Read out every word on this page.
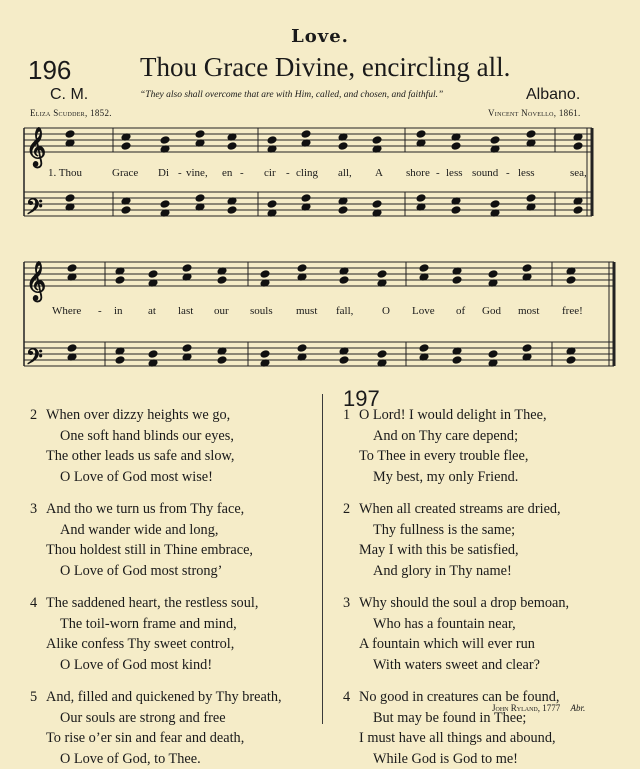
Love.
196	Thou Grace Divine, encircling all.
C. M.	“They also shall overcome that are with Him, called, and chosen, and faithful.”	Albano.
Eliza Scudder, 1852.	Vincent Novello, 1861.
𝄞
𝄢
𝄞
𝄢
1. Thou	Grace Di - vine, en - cir - cling all, A shore - less sound - less	sea,
Where - in at last our souls must fall,	O Love of God most free!
2 When over dizzy heights we go,
One soft hand blinds our eyes,
The other leads us safe and slow,
O Love of God most wise!
3 And tho we turn us from Thy face,
And wander wide and long,
Thou holdest still in Thine embrace,
O Love of God most strong’
4 The saddened heart, the restless soul,
The toil-worn frame and mind,
Alike confess Thy sweet control,
O Love of God most kind!
5 And, filled and quickened by Thy breath,
Our souls are strong and free
To rise o’er sin and fear and death,
O Love of God, to Thee.
197
1 O Lord! I would delight in Thee,
And on Thy care depend;
To Thee in every trouble flee,
My best, my only Friend.
2 When all created streams are dried,
Thy fullness is the same;
May I with this be satisfied,
And glory in Thy name!
3 Why should the soul a drop bemoan,
Who has a fountain near,
A fountain which will ever run
With waters sweet and clear?
4 No good in creatures can be found,
But may be found in Thee;
I must have all things and abound,
While God is God to me!
John Ryland, 1777 Abr.
